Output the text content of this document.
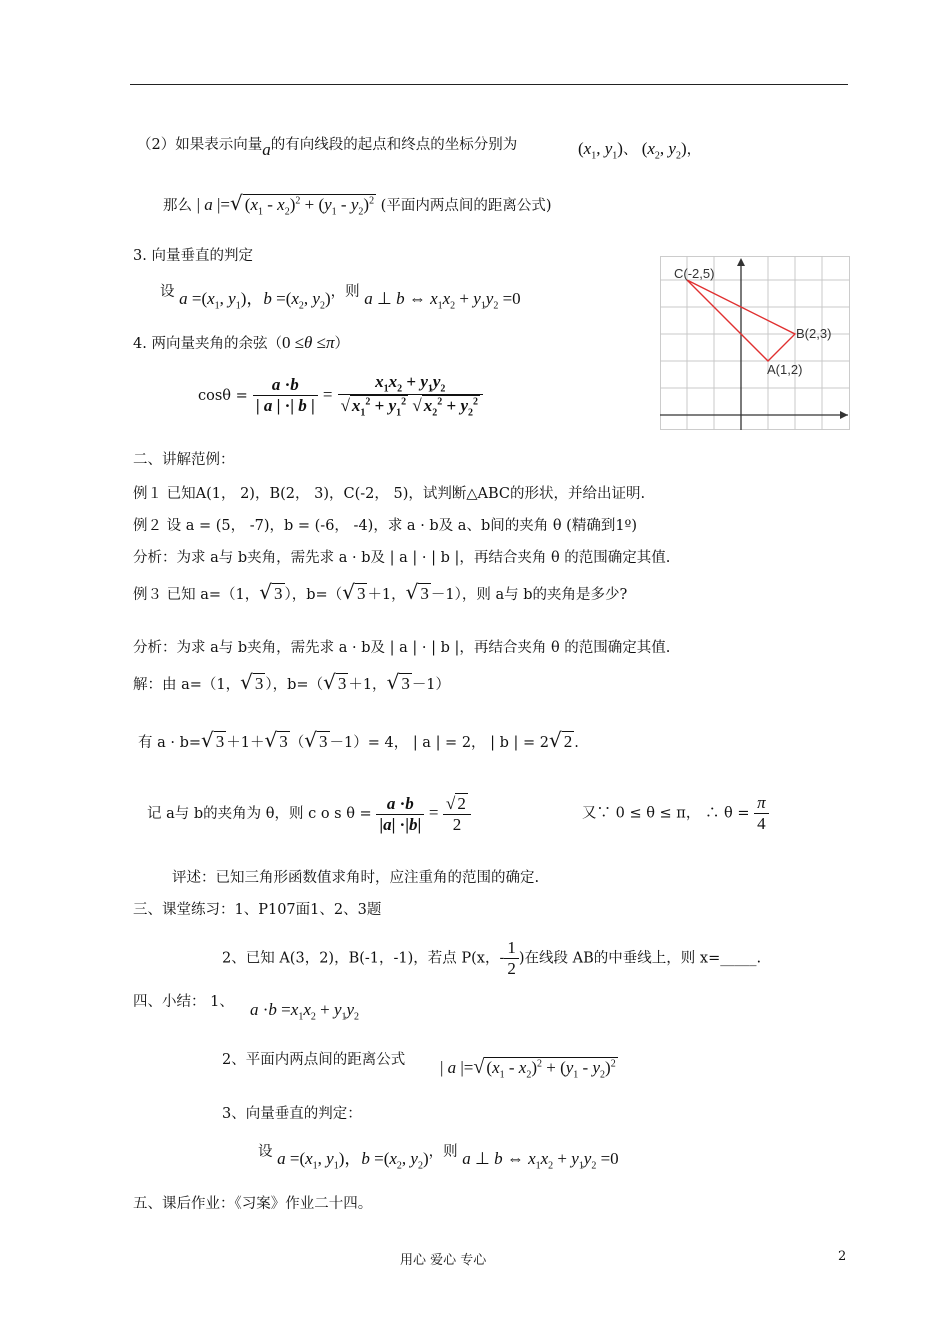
（2）如果表示向量a的有向线段的起点和终点的坐标分别为	($x_1$, $y_1$)、 ($x_2$, $y_2$)，
那么 | a |=√ $(x_1 - x_2)^2 + (y_1 - y_2)^2$ (平面内两点间的距离公式)
3. 向量垂直的判定
设 $a =(x_1$, $y_1$)，$b =(x_2$, $y_2$)，则 a ⊥ b ⇔ $x_1x_2 + y_1y_2 =0$
4. 两向量夹角的余弦（0 ≤θ ≤π）
$\cos\theta = \frac{a \cdot b}{| a | \cdot| b |} = \frac{x_1x_2 + y_1y_2}{√ x_1^2 + y_1^2 √ x_2^2 + y_2^2}$
C(-2,5)
B(2,3)
A(1,2)
二、讲解范例：
例１ 已知A(1， 2)，B(2， 3)，C(-2， 5)，试判断△ABC的形状，并给出证明.
例２ 设 a = (5， -7)，b = (-6， -4)，求 a · b及 a、b间的夹角 θ (精确到1º)
分析：为求 a与 b夹角，需先求 a · b及 | a | · | b |，再结合夹角 θ 的范围确定其值.
例３ 已知 a=（1，√ 3 ），b=（√ 3 ＋1，√ 3 －1），则 a与 b的夹角是多少?
分析：为求 a与 b夹角，需先求 a · b及 | a | · | b |，再结合夹角 θ 的范围确定其值.
解：由 a=（1，√ 3 ），b=（√ 3 ＋1，√ 3 －1）
有 a · b=√ 3 ＋1＋√ 3 （√ 3 －1）= 4， | a | = 2， | b | = 2√ 2 .
记 a与 b的夹角为 θ，则 c o s $\theta = \frac{a \cdot b}{|a| \cdot|b|} = \frac{√ 2}{2}$	又∵ 0 ≤ θ ≤ π， ∴ $\theta = \frac{\pi}{4}$
评述：已知三角形函数值求角时，应注重角的范围的确定.
三、课堂练习：1、P107面1、2、3题
2、已知 A(3，2)，B(-1，-1)，若点 P(x，- $\frac{1}{2}$ )在线段 AB的中垂线上，则 x=_____.
四、小结： 1、 $a \cdot b =x_1x_2 + y_1y_2$
2、平面内两点间的距离公式 | a |=√ $(x_1 - x_2)^2 + (y_1 - y_2)^2$
3、向量垂直的判定：
设 $a =(x_1$, $y_1$)，$b =(x_2$, $y_2$)，则 a ⊥ b ⇔ $x_1x_2 + y_1y_2 =0$
五、课后作业：《习案》作业二十四。
用心 爱心 专心	2
